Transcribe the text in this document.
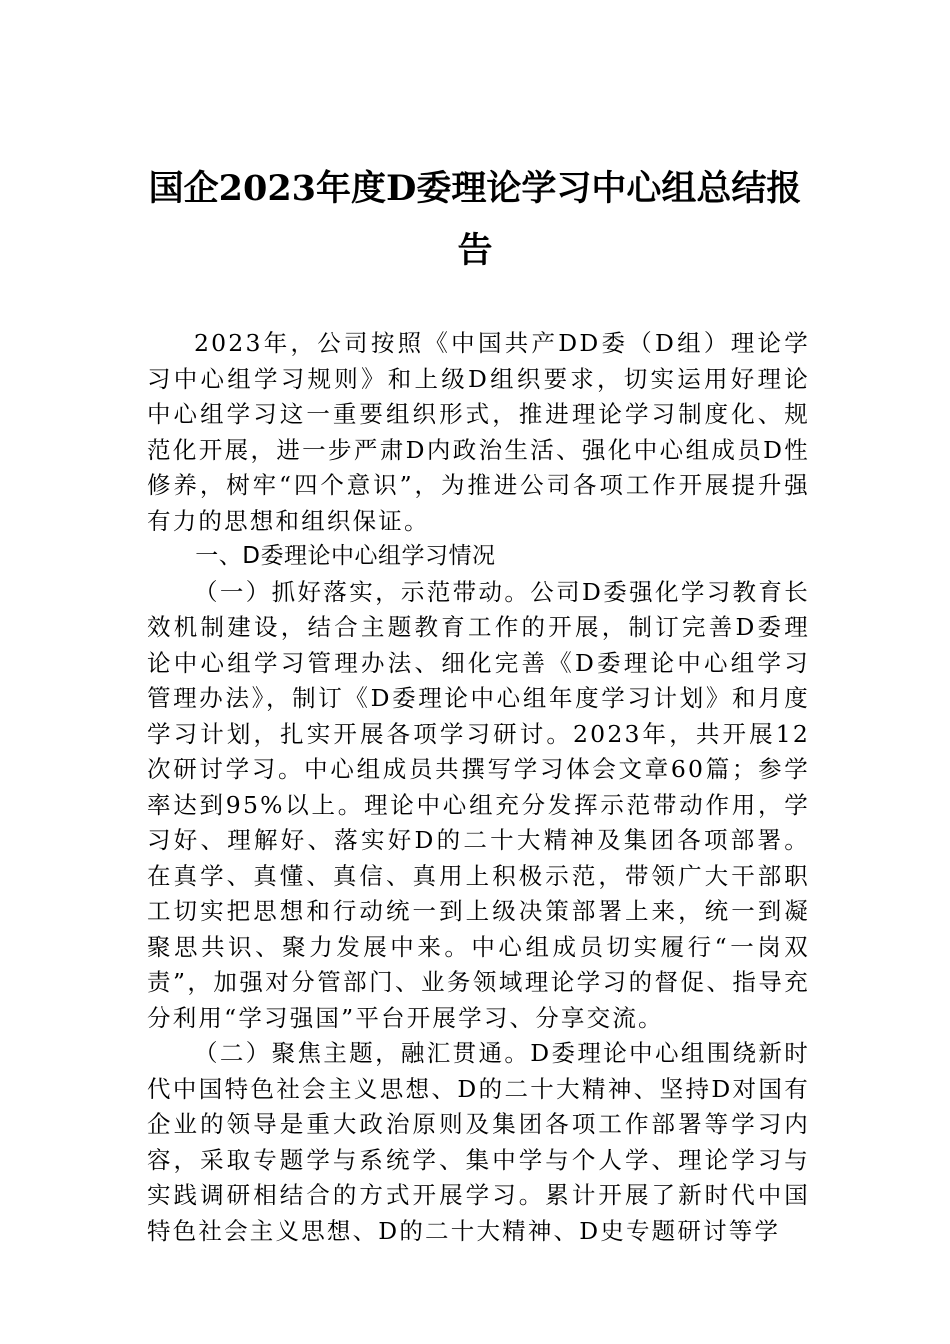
国企2023年度D委理论学习中心组总结报告

2023年，公司按照《中国共产DD委（D组）理论学习中心组学习规则》和上级D组织要求，切实运用好理论中心组学习这一重要组织形式，推进理论学习制度化、规范化开展，进一步严肃D内政治生活、强化中心组成员D性修养，树牢“四个意识”，为推进公司各项工作开展提升强有力的思想和组织保证。

一、D委理论中心组学习情况

（一）抓好落实，示范带动。公司D委强化学习教育长效机制建设，结合主题教育工作的开展，制订完善D委理论中心组学习管理办法、细化完善《D委理论中心组学习管理办法》，制订《D委理论中心组年度学习计划》和月度学习计划，扎实开展各项学习研讨。2023年，共开展12次研讨学习。中心组成员共撰写学习体会文章60篇；参学率达到95%以上。理论中心组充分发挥示范带动作用，学习好、理解好、落实好D的二十大精神及集团各项部署。在真学、真懂、真信、真用上积极示范，带领广大干部职工切实把思想和行动统一到上级决策部署上来，统一到凝聚思共识、聚力发展中来。中心组成员切实履行“一岗双责”，加强对分管部门、业务领域理论学习的督促、指导充分利用“学习强国”平台开展学习、分享交流。

（二）聚焦主题，融汇贯通。D委理论中心组围绕新时代中国特色社会主义思想、D的二十大精神、坚持D对国有企业的领导是重大政治原则及集团各项工作部署等学习内容，采取专题学与系统学、集中学与个人学、理论学习与实践调研相结合的方式开展学习。累计开展了新时代中国特色社会主义思想、D的二十大精神、D史专题研讨等学
